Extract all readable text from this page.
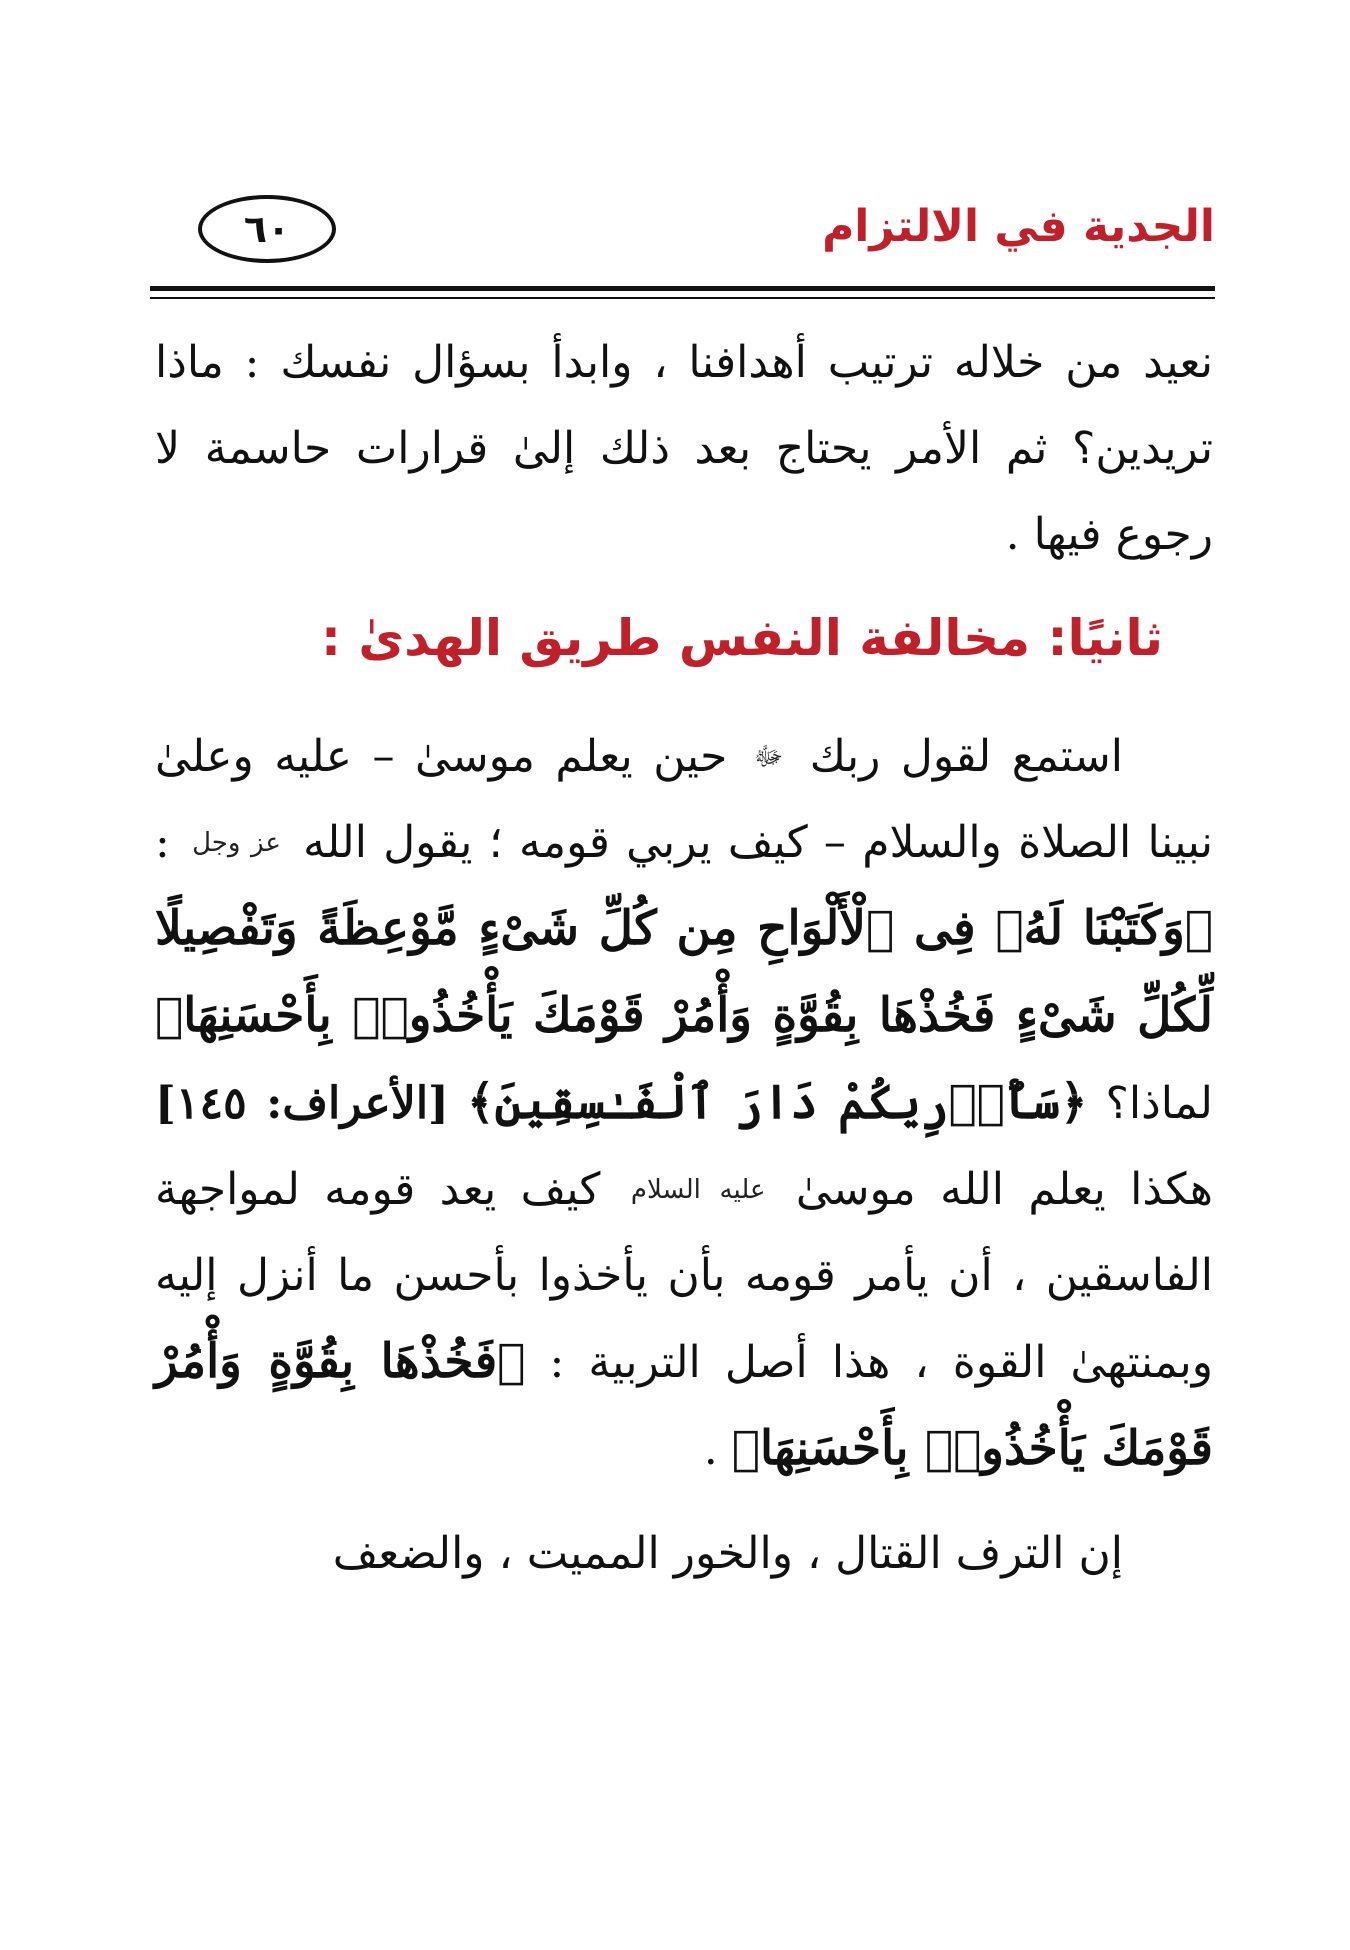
الجدية في الالتزام
٦٠

نعيد من خلاله ترتيب أهدافنا ، وابدأ بسؤال نفسك : ماذا تريدين؟ ثم الأمر يحتاج بعد ذلك إلىٰ قرارات حاسمة لا رجوع فيها .

ثانيًا: مخالفة النفس طريق الهدىٰ :

استمع لقول ربك ﷻ حين يعلم موسىٰ – عليه وعلىٰ نبينا الصلاة والسلام – كيف يربي قومه ؛ يقول الله عز وجل : ﴿وَكَتَبْنَا لَهُۥ فِى ٱلْأَلْوَاحِ مِن كُلِّ شَىْءٍ مَّوْعِظَةً وَتَفْصِيلًا لِّكُلِّ شَىْءٍ فَخُذْهَا بِقُوَّةٍ وَأْمُرْ قَوْمَكَ يَأْخُذُوا۟ بِأَحْسَنِهَا﴾ لماذا؟ ﴿سَأُو۟رِيكُمْ دَارَ ٱلْفَـٰسِقِينَ﴾ [الأعراف: ١٤٥] هكذا يعلم الله موسىٰ عليه السلام كيف يعد قومه لمواجهة الفاسقين ، أن يأمر قومه بأن يأخذوا بأحسن ما أنزل إليه وبمنتهىٰ القوة ، هذا أصل التربية : ﴿فَخُذْهَا بِقُوَّةٍ وَأْمُرْ قَوْمَكَ يَأْخُذُوا۟ بِأَحْسَنِهَا﴾ .

إن الترف القتال ، والخور المميت ، والضعف
